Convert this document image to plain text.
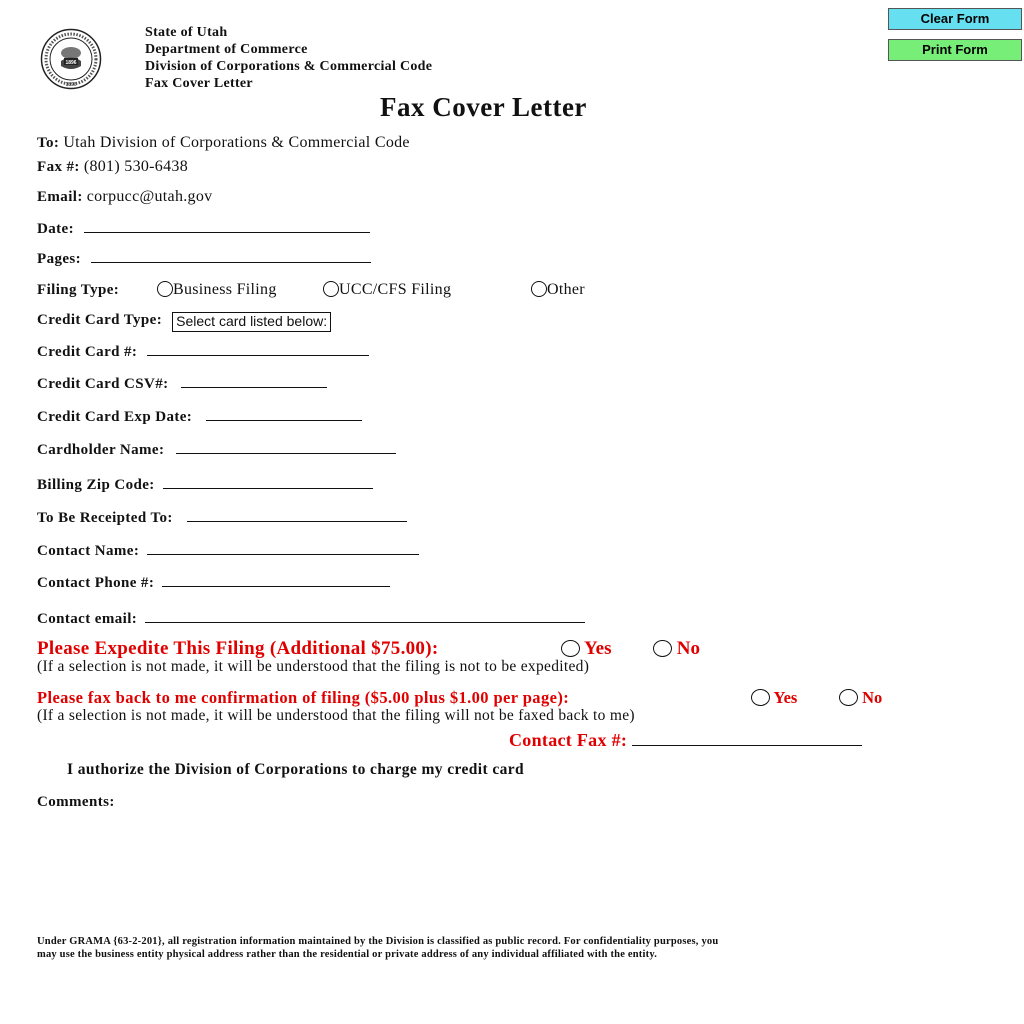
1896
1896
State of Utah
Department of Commerce
Division of Corporations & Commercial Code
Fax Cover Letter
Clear Form
Print Form
Fax Cover Letter
To: Utah Division of Corporations & Commercial Code
Fax #: (801) 530-6438
Email: corpucc@utah.gov
Date:
Pages:
Filing Type:	Business Filing	UCC/CFS Filing	Other
Credit Card Type: Select card listed below:
Credit Card #:
Credit Card CSV#:
Credit Card Exp Date:
Cardholder Name:
Billing Zip Code:
To Be Receipted To:
Contact Name:
Contact Phone #:
Contact email:
Please Expedite This Filing (Additional $75.00):	Yes	No
(If a selection is not made, it will be understood that the filing is not to be expedited)
Please fax back to me confirmation of filing ($5.00 plus $1.00 per page):	Yes	No
(If a selection is not made, it will be understood that the filing will not be faxed back to me)
Contact Fax #:
I authorize the Division of Corporations to charge my credit card
Comments:
Under GRAMA {63-2-201}, all registration information maintained by the Division is classified as public record. For confidentiality purposes, you
may use the business entity physical address rather than the residential or private address of any individual affiliated with the entity.
